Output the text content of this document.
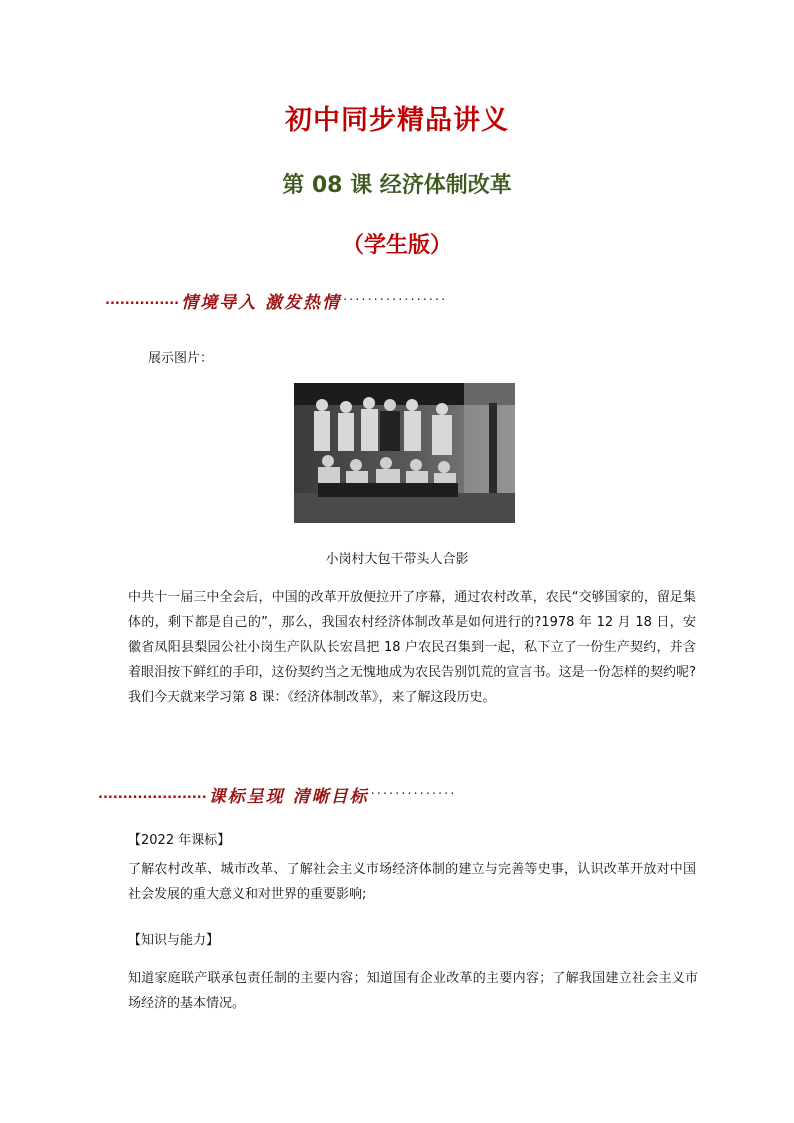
初中同步精品讲义
第 08 课 经济体制改革
（学生版）
............... 情境导入 激发热情 ·················
展示图片：
小岗村大包干带头人合影
中共十一届三中全会后，中国的改革开放便拉开了序幕，通过农村改革，农民“交够国家的，留足集体的，剩下都是自己的”，那么，我国农村经济体制改革是如何进行的?1978 年 12 月 18 日，安徽省凤阳县梨园公社小岗生产队队长宏昌把 18 户农民召集到一起，私下立了一份生产契约，并含着眼泪按下鲜红的手印，这份契约当之无愧地成为农民告别饥荒的宣言书。这是一份怎样的契约呢?我们今天就来学习第 8 课：《经济体制改革》，来了解这段历史。
...................... 课标呈现 清晰目标 ··············
【2022 年课标】
了解农村改革、城市改革、了解社会主义市场经济体制的建立与完善等史事，认识改革开放对中国社会发展的重大意义和对世界的重要影响;
【知识与能力】
知道家庭联产联承包责任制的主要内容；知道国有企业改革的主要内容；了解我国建立社会主义市场经济的基本情况。
